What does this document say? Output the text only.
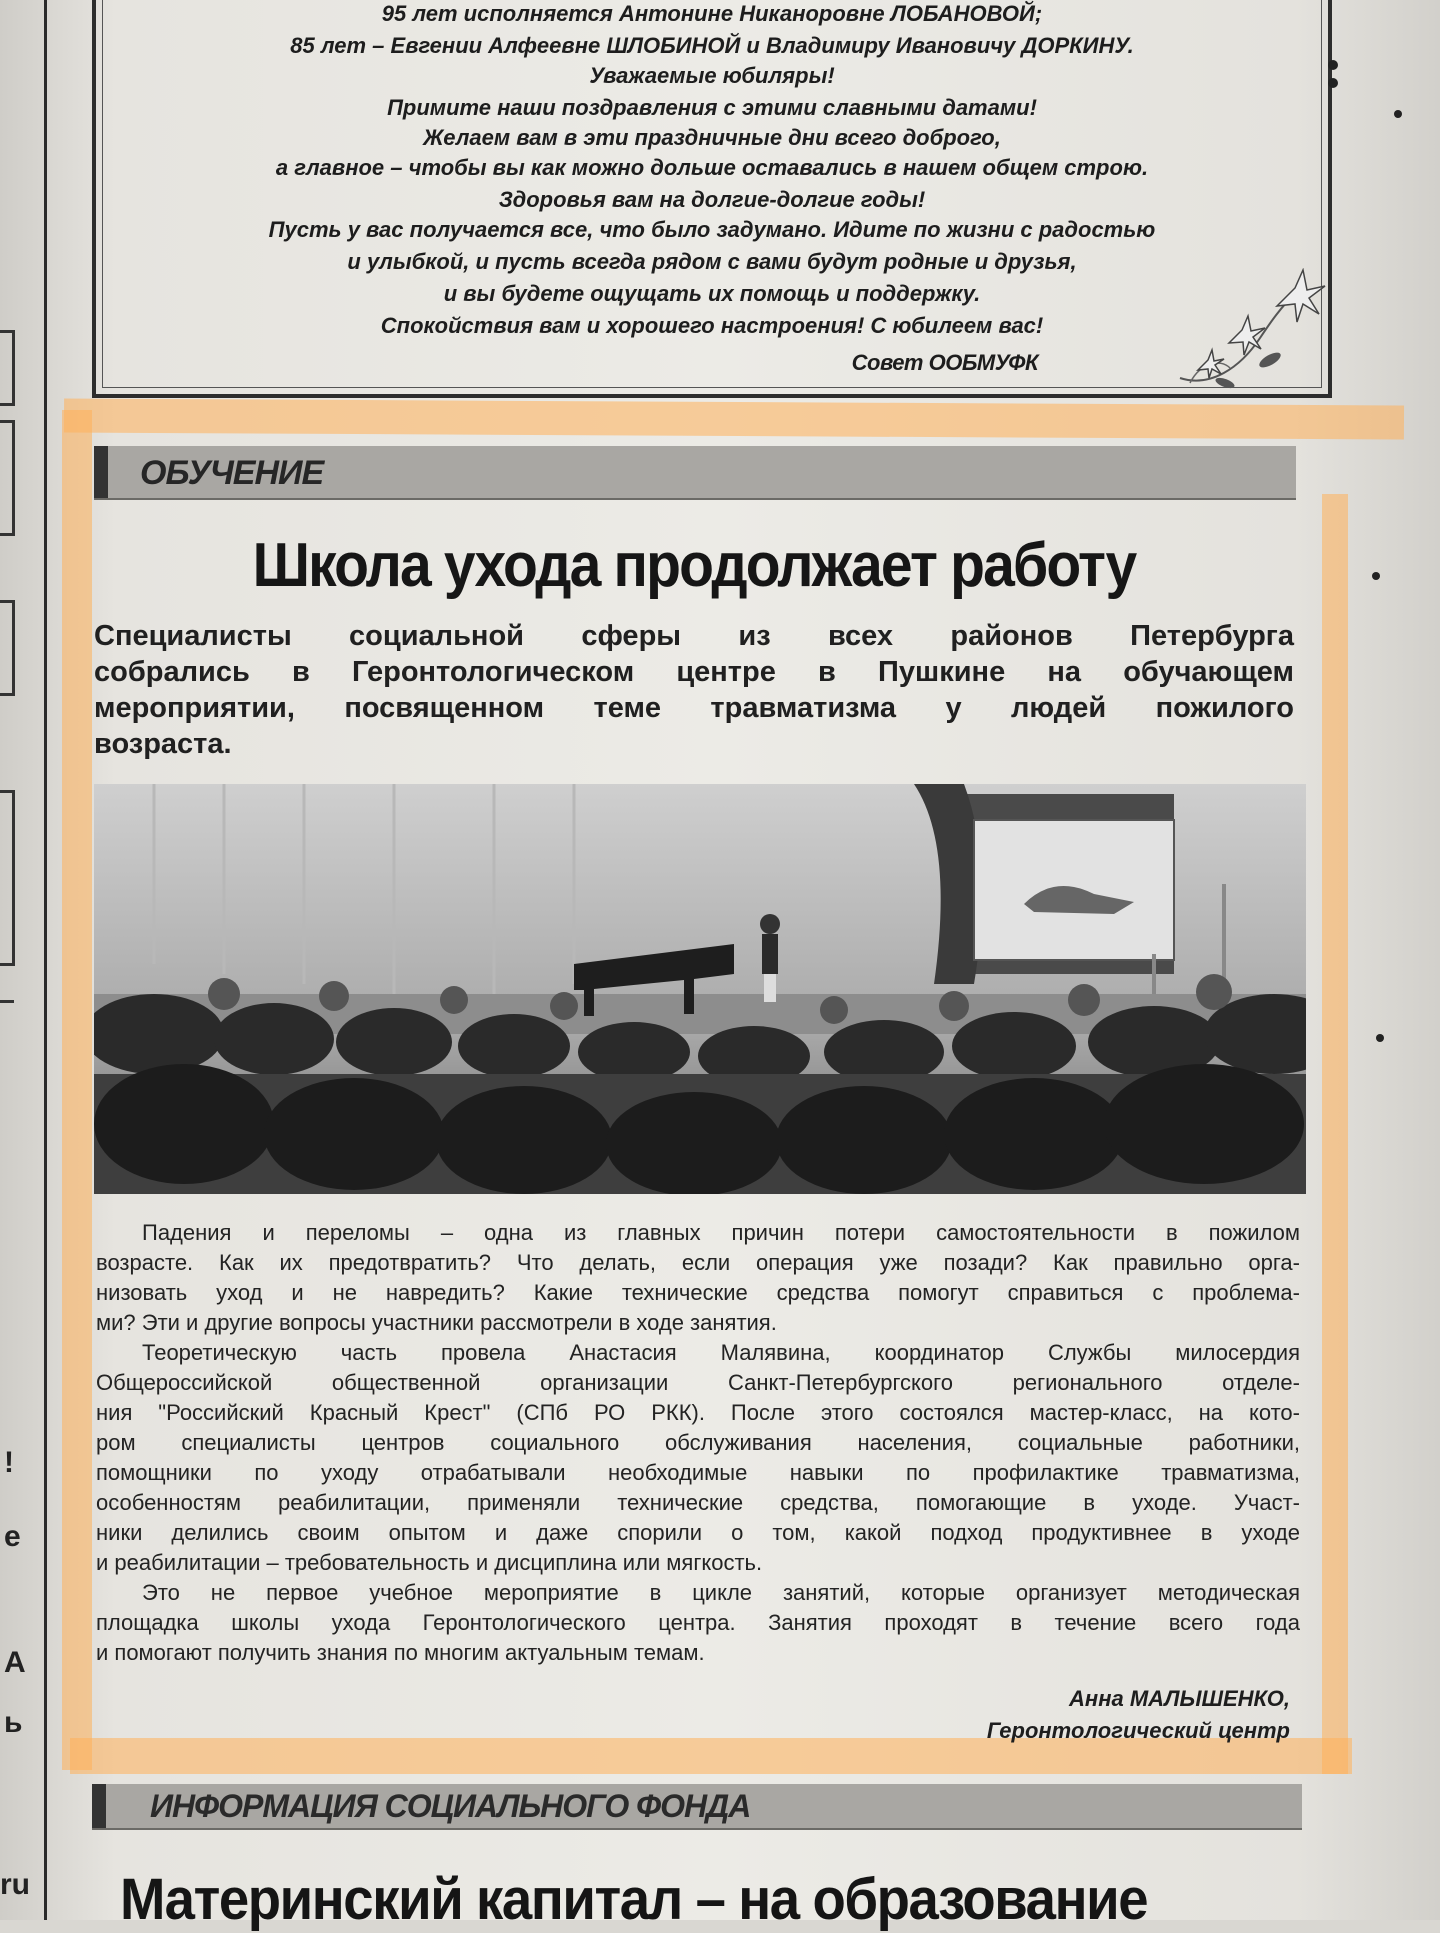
!
е
А
ь
ru
95 лет исполняется Антонине Никаноровне ЛОБАНОВОЙ;
85 лет – Евгении Алфеевне ШЛОБИНОЙ и Владимиру Ивановичу ДОРКИНУ.
Уважаемые юбиляры!
Примите наши поздравления с этими славными датами!
Желаем вам в эти праздничные дни всего доброго,
а главное – чтобы вы как можно дольше оставались в нашем общем строю.
Здоровья вам на долгие-долгие годы!
Пусть у вас получается все, что было задумано. Идите по жизни с радостью
и улыбкой, и пусть всегда рядом с вами будут родные и друзья,
и вы будете ощущать их помощь и поддержку.
Спокойствия вам и хорошего настроения! С юбилеем вас!
Совет ООБМУФК
ОБУЧЕНИЕ
Школа ухода продолжает работу
Специалисты социальной сферы из всех районов Петербурга
собрались в Геронтологическом центре в Пушкине на обучающем
мероприятии, посвященном теме травматизма у людей пожилого
возраста.
Падения и переломы – одна из главных причин потери самостоятельности в пожилом
возрасте. Как их предотвратить? Что делать, если операция уже позади? Как правильно орга-
низовать уход и не навредить? Какие технические средства помогут справиться с проблема-
ми? Эти и другие вопросы участники рассмотрели в ходе занятия.
Теоретическую часть провела Анастасия Малявина, координатор Службы милосердия
Общероссийской общественной организации Санкт-Петербургского регионального отделе-
ния "Российский Красный Крест" (СПб РО РКК). После этого состоялся мастер-класс, на кото-
ром специалисты центров социального обслуживания населения, социальные работники,
помощники по уходу отрабатывали необходимые навыки по профилактике травматизма,
особенностям реабилитации, применяли технические средства, помогающие в уходе. Участ-
ники делились своим опытом и даже спорили о том, какой подход продуктивнее в уходе
и реабилитации – требовательность и дисциплина или мягкость.
Это не первое учебное мероприятие в цикле занятий, которые организует методическая
площадка школы ухода Геронтологического центра. Занятия проходят в течение всего года
и помогают получить знания по многим актуальным темам.
Анна МАЛЫШЕНКО,
Геронтологический центр
ИНФОРМАЦИЯ СОЦИАЛЬНОГО ФОНДА
Материнский капитал – на образование
